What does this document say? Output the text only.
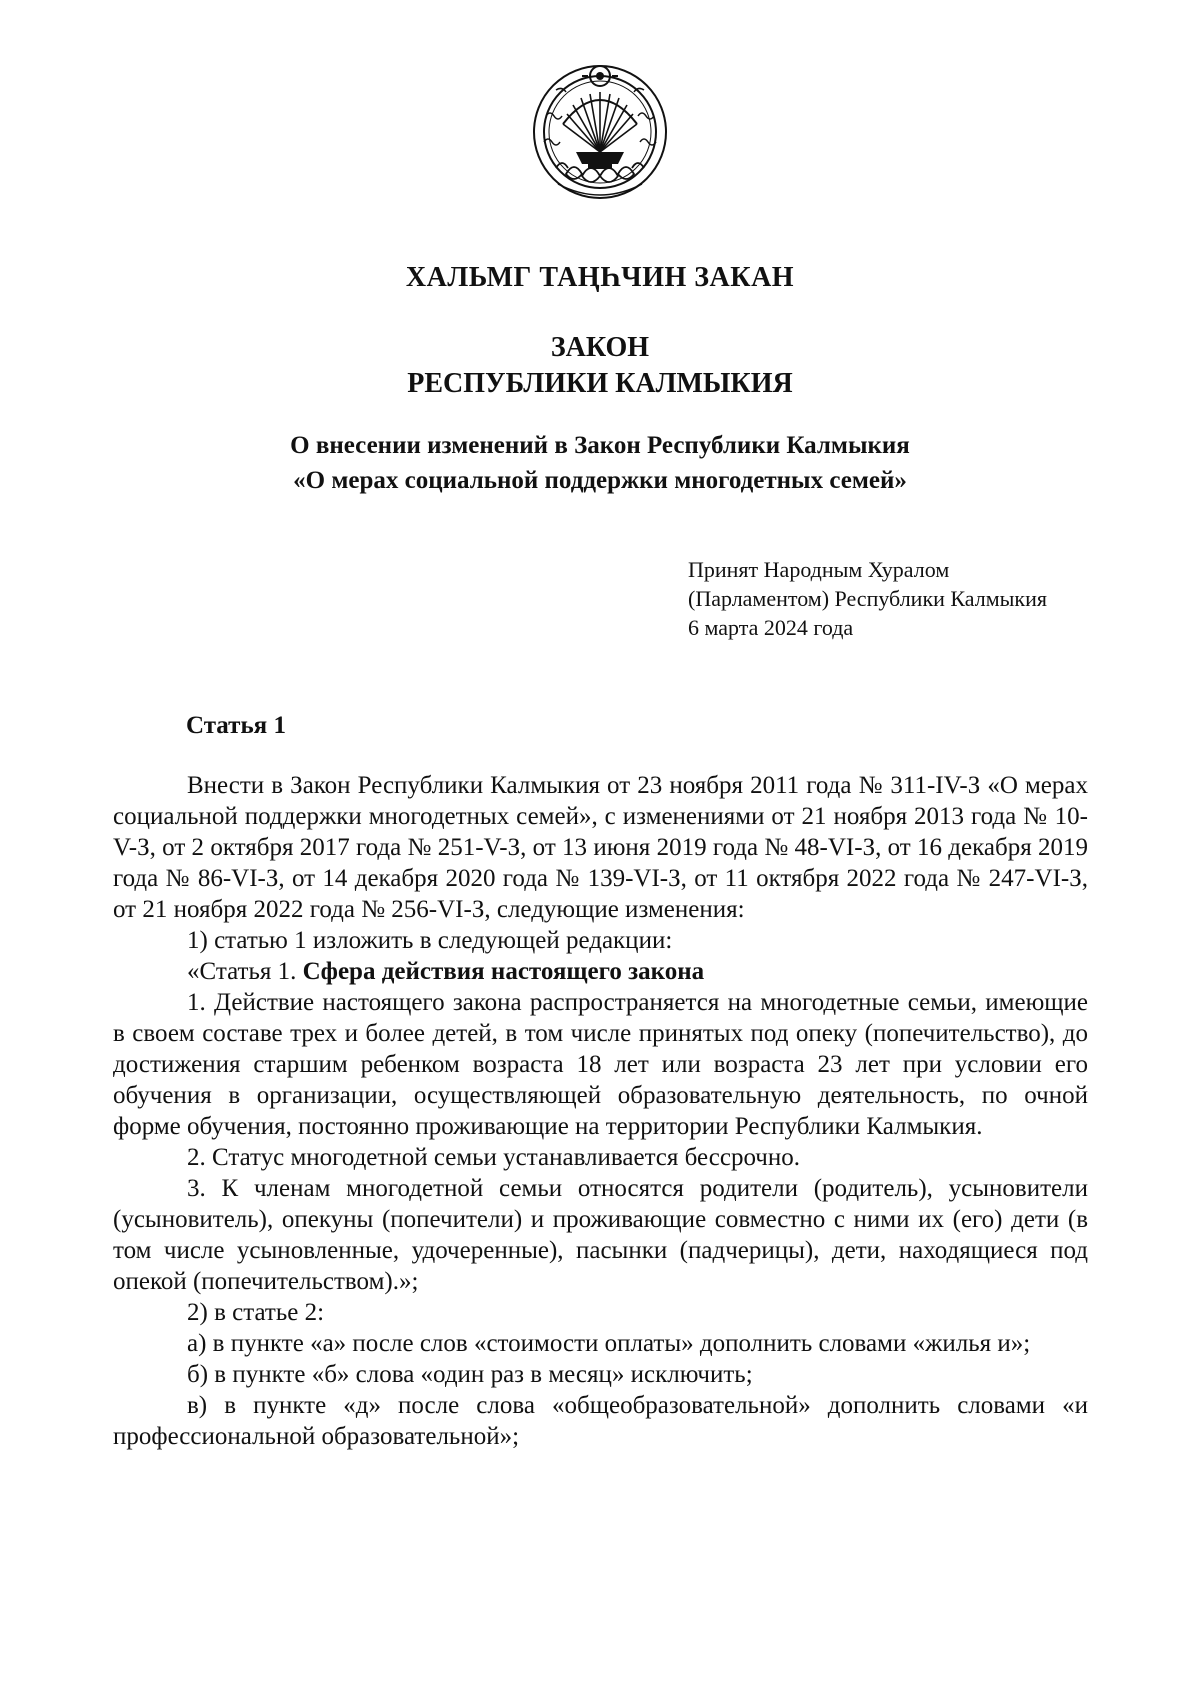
ХАЛЬМГ ТАҢҺЧИН ЗАКАН
ЗАКОН
РЕСПУБЛИКИ КАЛМЫКИЯ
О внесении изменений в Закон Республики Калмыкия
«О мерах социальной поддержки многодетных семей»
Принят Народным Хуралом
(Парламентом) Республики Калмыкия
6 марта 2024 года
Статья 1

Внести в Закон Республики Калмыкия от 23 ноября 2011 года № 311-IV-З «О мерах социальной поддержки многодетных семей», с изменениями от 21 ноября 2013 года № 10-V-З, от 2 октября 2017 года № 251-V-З, от 13 июня 2019 года № 48-VI-З, от 16 декабря 2019 года № 86-VI-З, от 14 декабря 2020 года № 139-VI-З, от 11 октября 2022 года № 247-VI-З, от 21 ноября 2022 года № 256-VI-З, следующие изменения:

1) статью 1 изложить в следующей редакции:

«Статья 1. Сфера действия настоящего закона

1. Действие настоящего закона распространяется на многодетные семьи, имеющие в своем составе трех и более детей, в том числе принятых под опеку (попечительство), до достижения старшим ребенком возраста 18 лет или возраста 23 лет при условии его обучения в организации, осуществляющей образовательную деятельность, по очной форме обучения, постоянно проживающие на территории Республики Калмыкия.

2. Статус многодетной семьи устанавливается бессрочно.

3. К членам многодетной семьи относятся родители (родитель), усыновители (усыновитель), опекуны (попечители) и проживающие совместно с ними их (его) дети (в том числе усыновленные, удочеренные), пасынки (падчерицы), дети, находящиеся под опекой (попечительством).»;

2) в статье 2:

а) в пункте «а» после слов «стоимости оплаты» дополнить словами «жилья и»;

б) в пункте «б» слова «один раз в месяц» исключить;

в) в пункте «д» после слова «общеобразовательной» дополнить словами «и профессиональной образовательной»;
